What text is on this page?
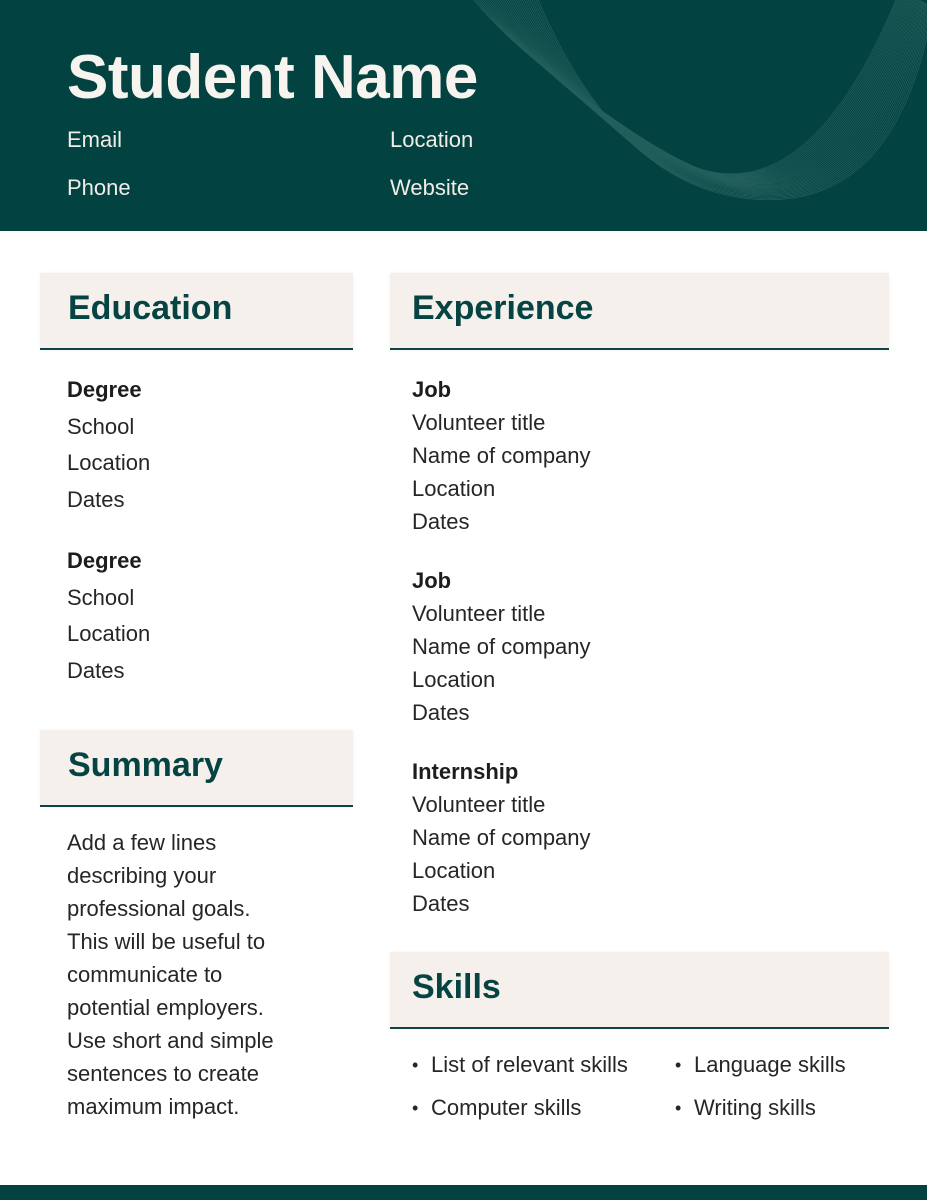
Student Name
Email	Location
Phone	Website
Education
Degree
School
Location
Dates
Degree
School
Location
Dates
Summary
Add a few lines
describing your
professional goals.
This will be useful to
communicate to
potential employers.
Use short and simple
sentences to create
maximum impact.
Experience
Job
Volunteer title
Name of company
Location
Dates
Job
Volunteer title
Name of company
Location
Dates
Internship
Volunteer title
Name of company
Location
Dates
Skills
• List of relevant skills	• Language skills
• Computer skills	• Writing skills
